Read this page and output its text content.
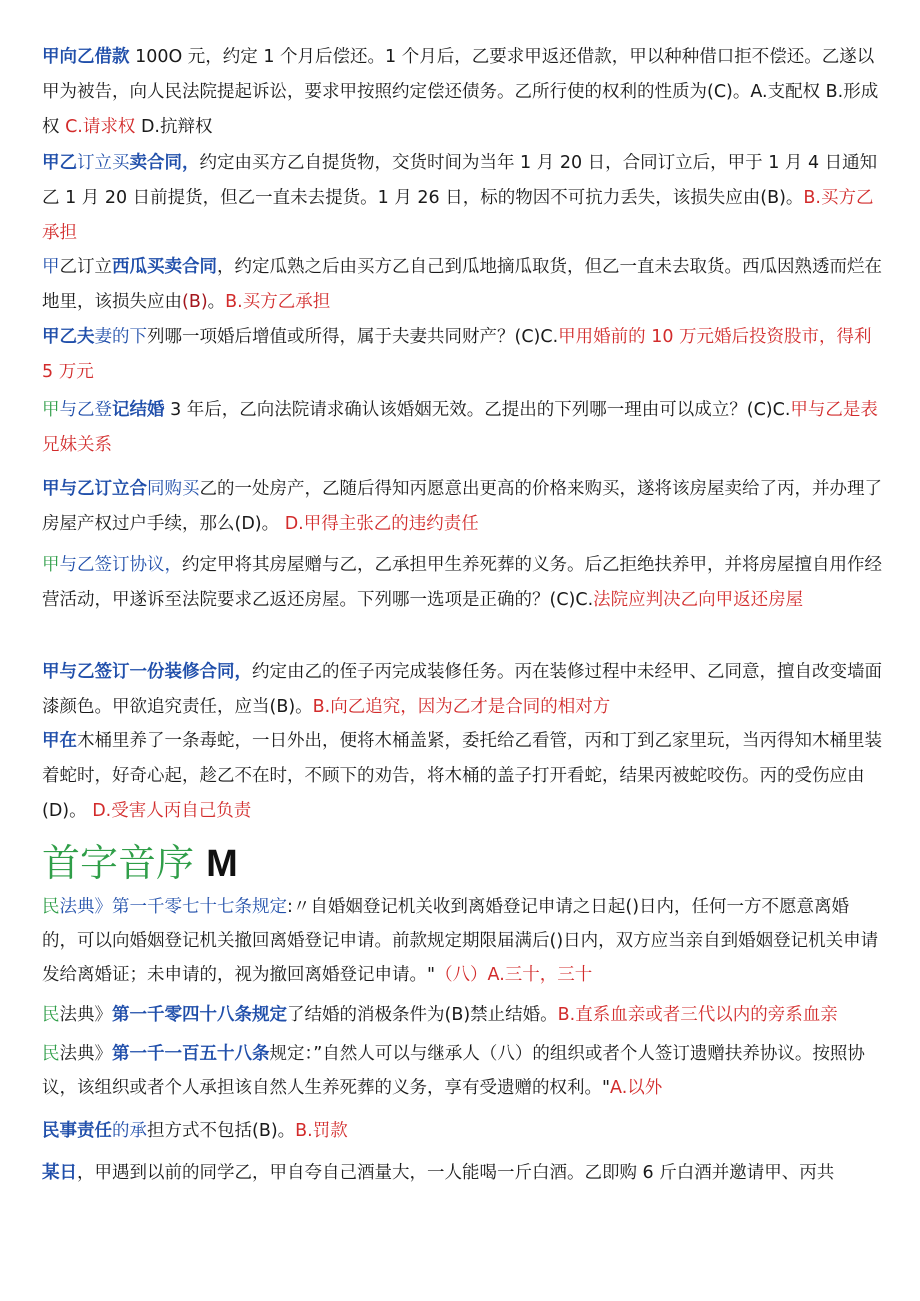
首字音序 M
甲向乙借款 100O 元，约定 1 个月后偿还。1 个月后，乙要求甲返还借款，甲以种种借口拒不偿还。乙遂以甲为被告，向人民法院提起诉讼，要求甲按照约定偿还债务。乙所行使的权利的性质为(C)。A.支配权 B.形成权 C.请求权 D.抗辩权
甲乙订立买卖合同，约定由买方乙自提货物，交货时间为当年 1 月 20 日，合同订立后，甲于 1 月 4 日通知乙 1 月 20 日前提货，但乙一直未去提货。1 月 26 日，标的物因不可抗力丢失，该损失应由(B)。B.买方乙承担
甲乙订立西瓜买卖合同，约定瓜熟之后由买方乙自己到瓜地摘瓜取货，但乙一直未去取货。西瓜因熟透而烂在地里，该损失应由(B)。B.买方乙承担
甲乙夫妻的下列哪一项婚后增值或所得，属于夫妻共同财产？(C)C.甲用婚前的 10 万元婚后投资股市，得利 5 万元
甲与乙登记结婚 3 年后，乙向法院请求确认该婚姻无效。乙提出的下列哪一理由可以成立？(C)C.甲与乙是表兄妹关系
甲与乙订立合同购买乙的一处房产，乙随后得知丙愿意出更高的价格来购买，遂将该房屋卖给了丙，并办理了房屋产权过户手续，那么(D)。 D.甲得主张乙的违约责任
甲与乙签订协议，约定甲将其房屋赠与乙，乙承担甲生养死葬的义务。后乙拒绝扶养甲，并将房屋擅自用作经营活动，甲遂诉至法院要求乙返还房屋。下列哪一选项是正确的？(C)C.法院应判决乙向甲返还房屋
甲与乙签订一份装修合同，约定由乙的侄子丙完成装修任务。丙在装修过程中未经甲、乙同意，擅自改变墙面漆颜色。甲欲追究责任，应当(B)。B.向乙追究，因为乙才是合同的相对方
甲在木桶里养了一条毒蛇，一日外出，便将木桶盖紧，委托给乙看管，丙和丁到乙家里玩，当丙得知木桶里装着蛇时，好奇心起，趁乙不在时，不顾下的劝告，将木桶的盖子打开看蛇，结果丙被蛇咬伤。丙的受伤应由(D)。 D.受害人丙自己负责
民法典》第一千零七十七条规定:〃自婚姻登记机关收到离婚登记申请之日起()日内，任何一方不愿意离婚的，可以向婚姻登记机关撤回离婚登记申请。前款规定期限届满后()日内，双方应当亲自到婚姻登记机关申请发给离婚证；未申请的，视为撤回离婚登记申请。"（八）A.三十，三十
民法典》第一千零四十八条规定了结婚的消极条件为(B)禁止结婚。B.直系血亲或者三代以内的旁系血亲
民法典》第一千一百五十八条规定：”自然人可以与继承人（八）的组织或者个人签订遗赠扶养协议。按照协议，该组织或者个人承担该自然人生养死葬的义务，享有受遗赠的权利。"A.以外
民事责任的承担方式不包括(B)。B.罚款
某日，甲遇到以前的同学乙，甲自夸自己酒量大，一人能喝一斤白酒。乙即购 6 斤白酒并邀请甲、丙共
